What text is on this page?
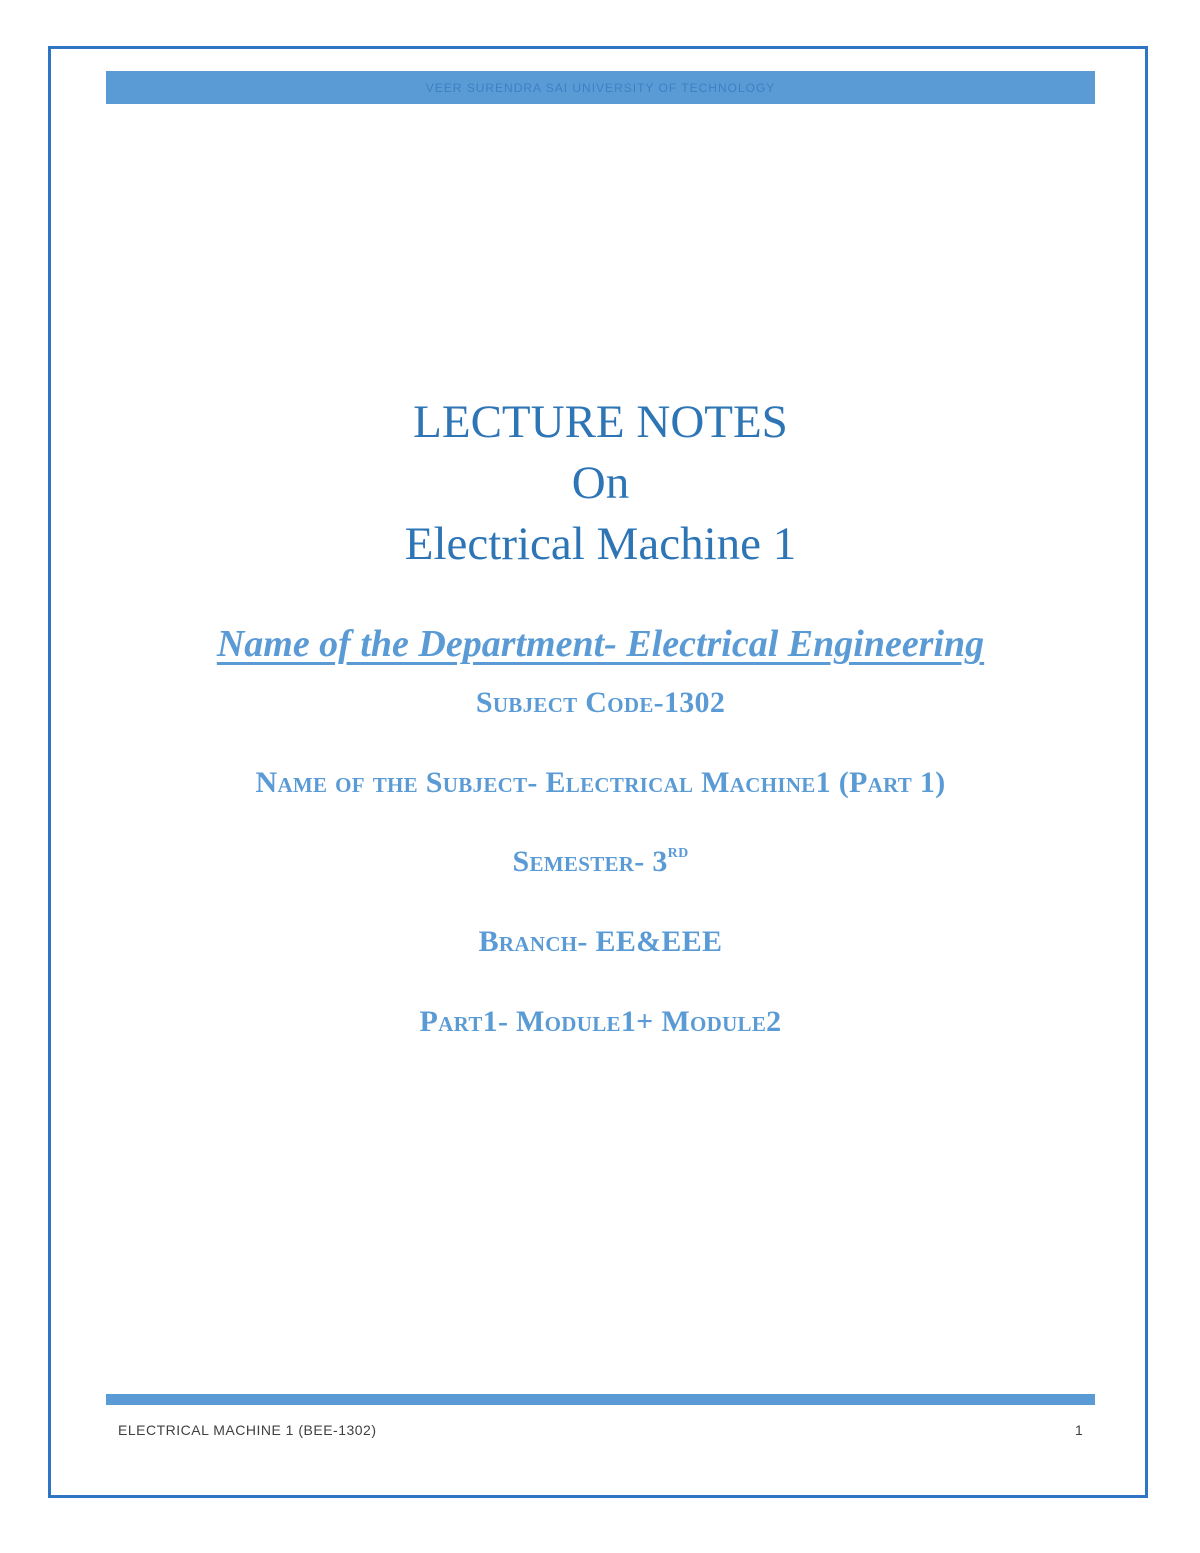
VEER SURENDRA SAI UNIVERSITY OF TECHNOLOGY
LECTURE NOTES
On
Electrical Machine 1
Name of the Department- Electrical Engineering
Subject Code-1302
Name of the Subject- Electrical Machine1 (Part 1)
Semester- 3RD
Branch- EE&EEE
Part1- Module1+ Module2
ELECTRICAL MACHINE 1 (BEE-1302)	1
